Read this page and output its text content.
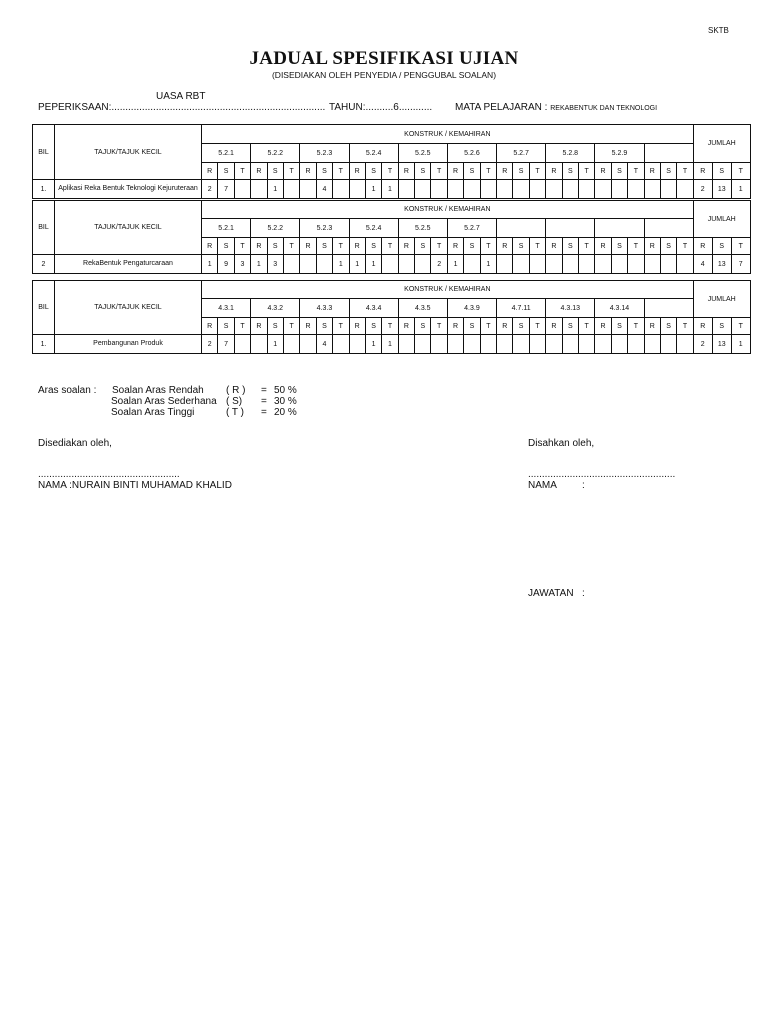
SKTB
JADUAL SPESIFIKASI UJIAN
(DISEDIAKAN OLEH PENYEDIA / PENGGUBAL SOALAN)
UASA RBT
PEPERIKSAAN:............................................................................. TAHUN:..........6............ MATA PELAJARAN : REKABENTUK DAN TEKNOLOGI
BIL	TAJUK/TAJUK KECIL	KONSTRUK / KEMAHIRAN																														JUMLAH		
		5.2.1			5.2.2			5.2.3			5.2.4			5.2.5			5.2.6			5.2.7			5.2.8			5.2.9								
		R	S	T	R	S	T	R	S	T	R	S	T	R	S	T	R	S	T	R	S	T	R	S	T	R	S	T	R	S	T	R	S	T
1.	Aplikasi Reka Bentuk Teknologi Kejuruteraan	2	7			1			4			1	1																			2	13	1
BIL	TAJUK/TAJUK KECIL	KONSTRUK / KEMAHIRAN																														JUMLAH		
		5.2.1			5.2.2			5.2.3			5.2.4			5.2.5			5.2.7																	
		R	S	T	R	S	T	R	S	T	R	S	T	R	S	T	R	S	T	R	S	T	R	S	T	R	S	T	R	S	T	R	S	T
2	RekaBentuk Pengaturcaraan	1	9	3	1	3				1	1	1				2	1		1													4	13	7
BIL	TAJUK/TAJUK KECIL	KONSTRUK / KEMAHIRAN																														JUMLAH		
		4.3.1			4.3.2			4.3.3			4.3.4			4.3.5			4.3.9			4.7.11			4.3.13			4.3.14								
		R	S	T	R	S	T	R	S	T	R	S	T	R	S	T	R	S	T	R	S	T	R	S	T	R	S	T	R	S	T	R	S	T
1.	Pembangunan Produk	2	7			1			4			1	1																			2	13	1
Aras soalan : Soalan Aras Rendah ( R ) = 50 %
Soalan Aras Sederhana ( S) = 30 %
Soalan Aras Tinggi	( T ) = 20 %
Disediakan oleh,
...................................................
NAMA :NURAIN BINTI MUHAMAD KHALID
Disahkan oleh,
.....................................................
NAMA	:
JAWATAN :
